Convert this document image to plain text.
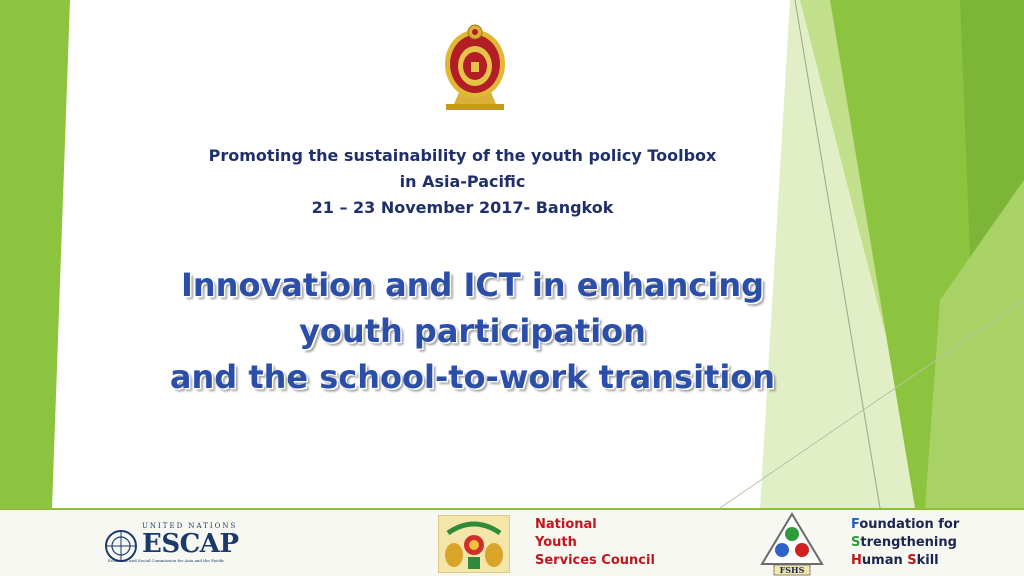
Promoting the sustainability of the youth policy Toolbox
in Asia-Pacific
21 – 23 November 2017- Bangkok
Innovation and ICT in enhancing
youth participation
and the school-to-work transition
UNITED NATIONS
ESCAP
Economic and Social Commission for Asia and the Pacific
National
Youth
Services Council
FSHS
Foundation for
Strengthening
Human Skill
